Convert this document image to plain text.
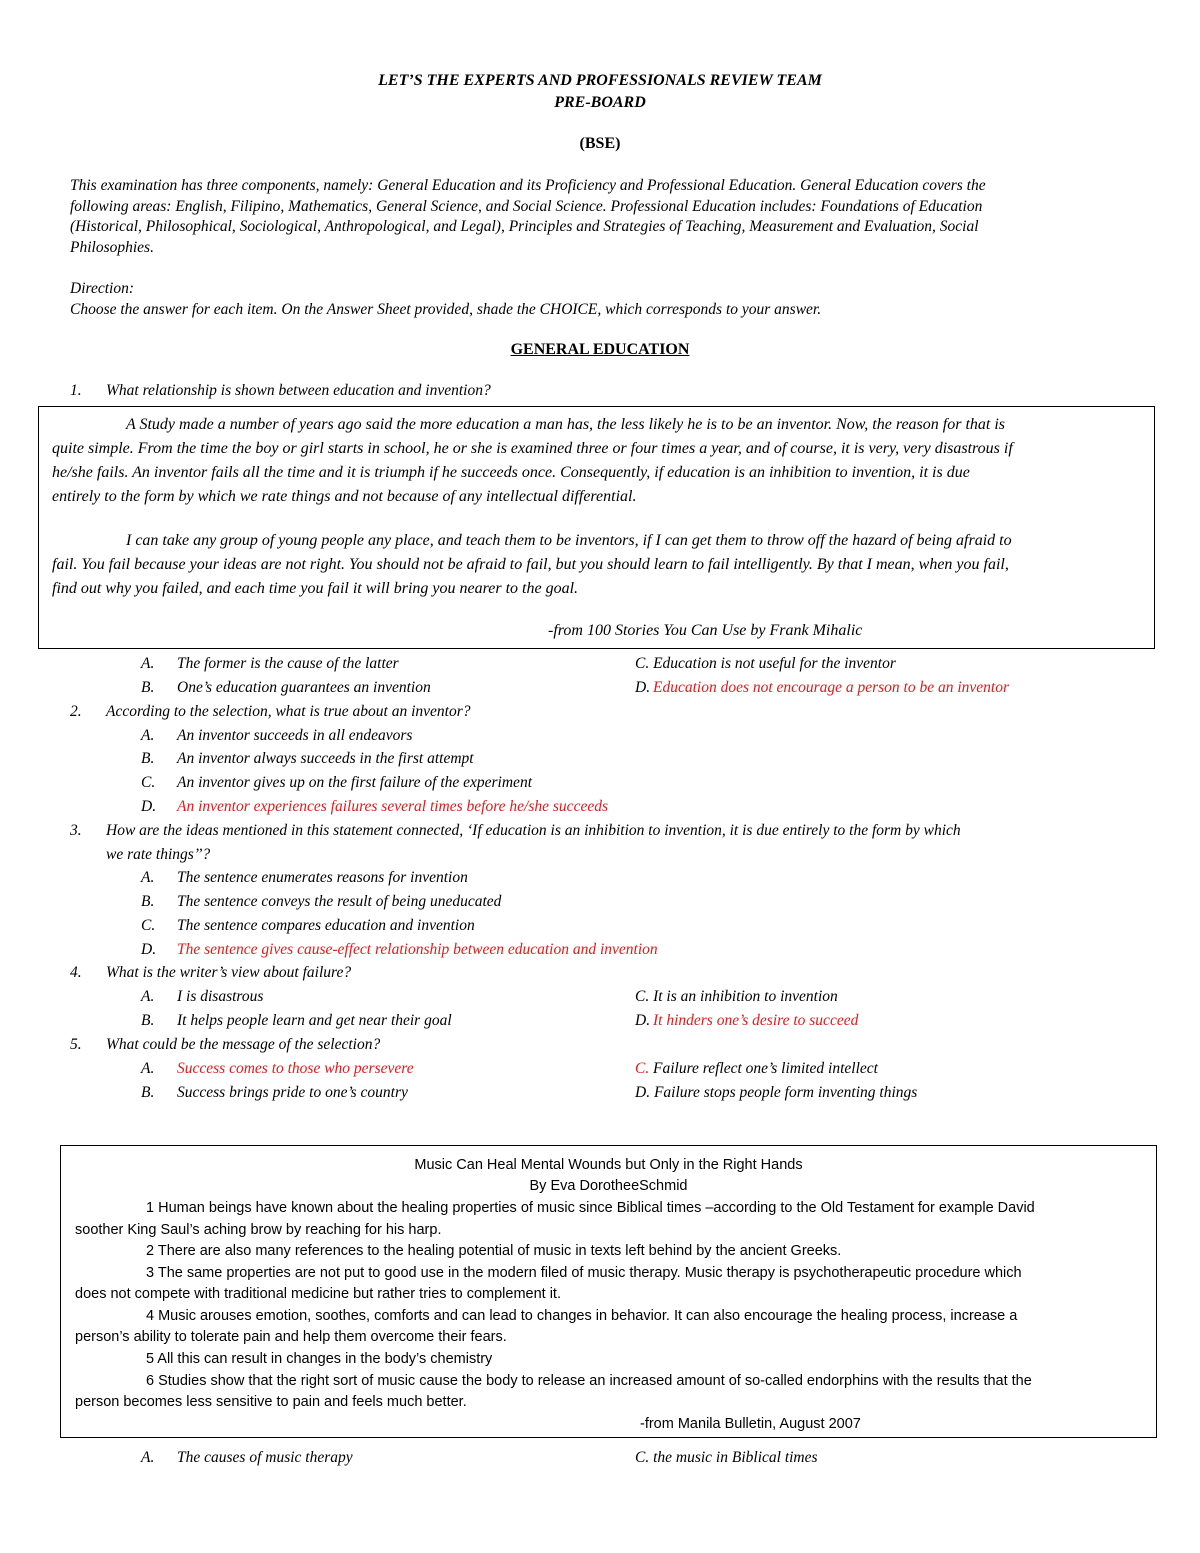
LET’S THE EXPERTS AND PROFESSIONALS REVIEW TEAM
PRE-BOARD
(BSE)
This examination has three components, namely: General Education and its Proficiency and Professional Education. General Education covers the
following areas: English, Filipino, Mathematics, General Science, and Social Science. Professional Education includes: Foundations of Education
(Historical, Philosophical, Sociological, Anthropological, and Legal), Principles and Strategies of Teaching, Measurement and Evaluation, Social
Philosophies.
Direction:
Choose the answer for each item. On the Answer Sheet provided, shade the CHOICE, which corresponds to your answer.
GENERAL EDUCATION
1. What relationship is shown between education and invention?
A Study made a number of years ago said the more education a man has, the less likely he is to be an inventor. Now, the reason for that is
quite simple. From the time the boy or girl starts in school, he or she is examined three or four times a year, and of course, it is very, very disastrous if
he/she fails. An inventor fails all the time and it is triumph if he succeeds once. Consequently, if education is an inhibition to invention, it is due
entirely to the form by which we rate things and not because of any intellectual differential.
I can take any group of young people any place, and teach them to be inventors, if I can get them to throw off the hazard of being afraid to
fail. You fail because your ideas are not right. You should not be afraid to fail, but you should learn to fail intelligently. By that I mean, when you fail,
find out why you failed, and each time you fail it will bring you nearer to the goal.
-from 100 Stories You Can Use by Frank Mihalic
A. The former is the cause of the latter
B. One’s education guarantees an invention
C. Education is not useful for the inventor
D. Education does not encourage a person to be an inventor
2. According to the selection, what is true about an inventor?
A. An inventor succeeds in all endeavors
B. An inventor always succeeds in the first attempt
C. An inventor gives up on the first failure of the experiment
D. An inventor experiences failures several times before he/she succeeds
3. How are the ideas mentioned in this statement connected, ‘If education is an inhibition to invention, it is due entirely to the form by which
we rate things’’?
A. The sentence enumerates reasons for invention
B. The sentence conveys the result of being uneducated
C. The sentence compares education and invention
D. The sentence gives cause-effect relationship between education and invention
4. What is the writer’s view about failure?
A. I is disastrous
B. It helps people learn and get near their goal
C. It is an inhibition to invention
D. It hinders one’s desire to succeed
5. What could be the message of the selection?
A. Success comes to those who persevere
B. Success brings pride to one’s country
C. Failure reflect one’s limited intellect
D. Failure stops people form inventing things
Music Can Heal Mental Wounds but Only in the Right Hands
By Eva DorotheeSchmid
1 Human beings have known about the healing properties of music since Biblical times –according to the Old Testament for example David
soother King Saul’s aching brow by reaching for his harp.
2 There are also many references to the healing potential of music in texts left behind by the ancient Greeks.
3 The same properties are not put to good use in the modern filed of music therapy. Music therapy is psychotherapeutic procedure which
does not compete with traditional medicine but rather tries to complement it.
4 Music arouses emotion, soothes, comforts and can lead to changes in behavior. It can also encourage the healing process, increase a
person’s ability to tolerate pain and help them overcome their fears.
5 All this can result in changes in the body’s chemistry
6 Studies show that the right sort of music cause the body to release an increased amount of so-called endorphins with the results that the
person becomes less sensitive to pain and feels much better.
-from Manila Bulletin, August 2007
A. The causes of music therapy	C. the music in Biblical times
